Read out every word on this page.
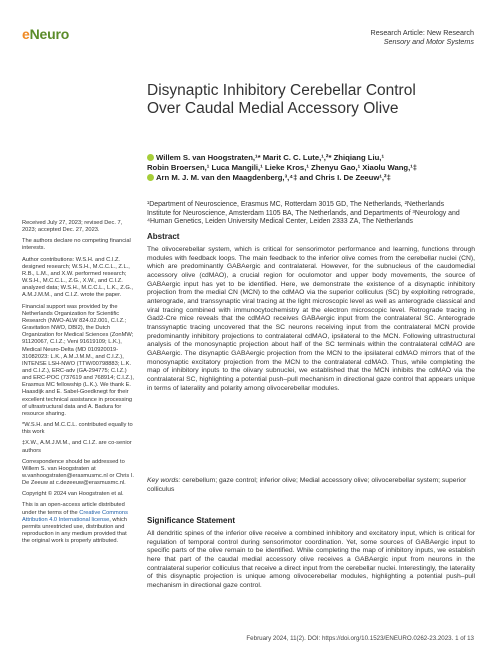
eNeuro	Research Article: New Research
Sensory and Motor Systems
Disynaptic Inhibitory Cerebellar Control Over Caudal Medial Accessory Olive
Willem S. van Hoogstraten,¹* Marit C. C. Lute,¹,²* Zhiqiang Liu,¹
Robin Broersen,¹ Luca Mangili,¹ Lieke Kros,¹ Zhenyu Gao,¹ Xiaolu Wang,¹‡
Arn M. J. M. van den Maagdenberg,³,⁴‡ and Chris I. De Zeeuw¹,²‡
¹Department of Neuroscience, Erasmus MC, Rotterdam 3015 GD, The Netherlands, ²Netherlands Institute for Neuroscience, Amsterdam 1105 BA, The Netherlands, and Departments of ³Neurology and ⁴Human Genetics, Leiden University Medical Center, Leiden 2333 ZA, The Netherlands

Received July 27, 2023; revised Dec. 7, 2023; accepted Dec. 27, 2023.

The authors declare no competing financial interests.

Author contributions: W.S.H. and C.I.Z. designed research; W.S.H., M.C.C.L., Z.L., R.B., L.M., and X.W. performed research; W.S.H., M.C.C.L., Z.G., X.W., and C.I.Z. analyzed data; W.S.H., M.C.C.L., L.K., Z.G., A.M.J.M.M., and C.I.Z. wrote the paper.

Financial support was provided by the Netherlands Organization for Scientific Research (NWO-ALW 824.02.001, C.I.Z.; Gravitation NWO, DBI2), the Dutch Organization for Medical Sciences (ZonMW; 91120067, C.I.Z.; Veni 91619109; L.K.), Medical Neuro-Delta (MD 010920019-31082023: L.K., A.M.J.M.M., and C.I.Z.), INTENSE LSH-NWO (TTW/00798883; L.K. and C.I.Z.), ERC-adv (GA-294775; C.I.Z.) and ERC-POC (737619 and 768914; C.I.Z.), Erasmus MC fellowship (L.K.). We thank E. Haasdijk and E. Sabel-Goedknegt for their excellent technical assistance in processing of ultrastructural data and A. Badura for resource sharing.

*W.S.H. and M.C.C.L. contributed equally to this work

‡X.W., A.M.J.M.M., and C.I.Z. are co-senior authors

Correspondence should be addressed to Willem S. van Hoogstraten at w.vanhoogstraten@erasmusmc.nl or Chris I. De Zeeuw at c.dezeeuw@erasmusmc.nl.

Copyright © 2024 van Hoogstraten et al.

This is an open-access article distributed under the terms of the Creative Commons Attribution 4.0 International license, which permits unrestricted use, distribution and reproduction in any medium provided that the original work is properly attributed.

Abstract
The olivocerebellar system, which is critical for sensorimotor performance and learning, functions through modules with feedback loops. The main feedback to the inferior olive comes from the cerebellar nuclei (CN), which are predominantly GABAergic and contralateral. However, for the subnucleus of the caudomedial accessory olive (cdMAO), a crucial region for oculomotor and upper body movements, the source of GABAergic input has yet to be identified. Here, we demonstrate the existence of a disynaptic inhibitory projection from the medial CN (MCN) to the cdMAO via the superior colliculus (SC) by exploiting retrograde, anterograde, and transsynaptic viral tracing at the light microscopic level as well as anterograde classical and viral tracing combined with immunocytochemistry at the electron microscopic level. Retrograde tracing in Gad2-Cre mice reveals that the cdMAO receives GABAergic input from the contralateral SC. Anterograde transsynaptic tracing uncovered that the SC neurons receiving input from the contralateral MCN provide predominantly inhibitory projections to contralateral cdMAO, ipsilateral to the MCN. Following ultrastructural analysis of the monosynaptic projection about half of the SC terminals within the contralateral cdMAO are GABAergic. The disynaptic GABAergic projection from the MCN to the ipsilateral cdMAO mirrors that of the monosynaptic excitatory projection from the MCN to the contralateral cdMAO. Thus, while completing the map of inhibitory inputs to the olivary subnuclei, we established that the MCN inhibits the cdMAO via the contralateral SC, highlighting a potential push–pull mechanism in directional gaze control that appears unique in terms of laterality and polarity among olivocerebellar modules.
Key words: cerebellum; gaze control; inferior olive; Medial accessory olive; olivocerebellar system; superior colliculus
Significance Statement
All dendritic spines of the inferior olive receive a combined inhibitory and excitatory input, which is critical for regulation of temporal control during sensorimotor coordination. Yet, some sources of GABAergic input to specific parts of the olive remain to be identified. While completing the map of inhibitory inputs, we establish here that part of the caudal medial accessory olive receives a GABAergic input from neurons in the contralateral superior colliculus that receive a direct input from the cerebellar nuclei. Interestingly, the laterality of this disynaptic projection is unique among olivocerebellar modules, highlighting a potential push–pull mechanism in directional gaze control.
February 2024, 11(2). DOI: https://doi.org/10.1523/ENEURO.0262-23.2023. 1 of 13
